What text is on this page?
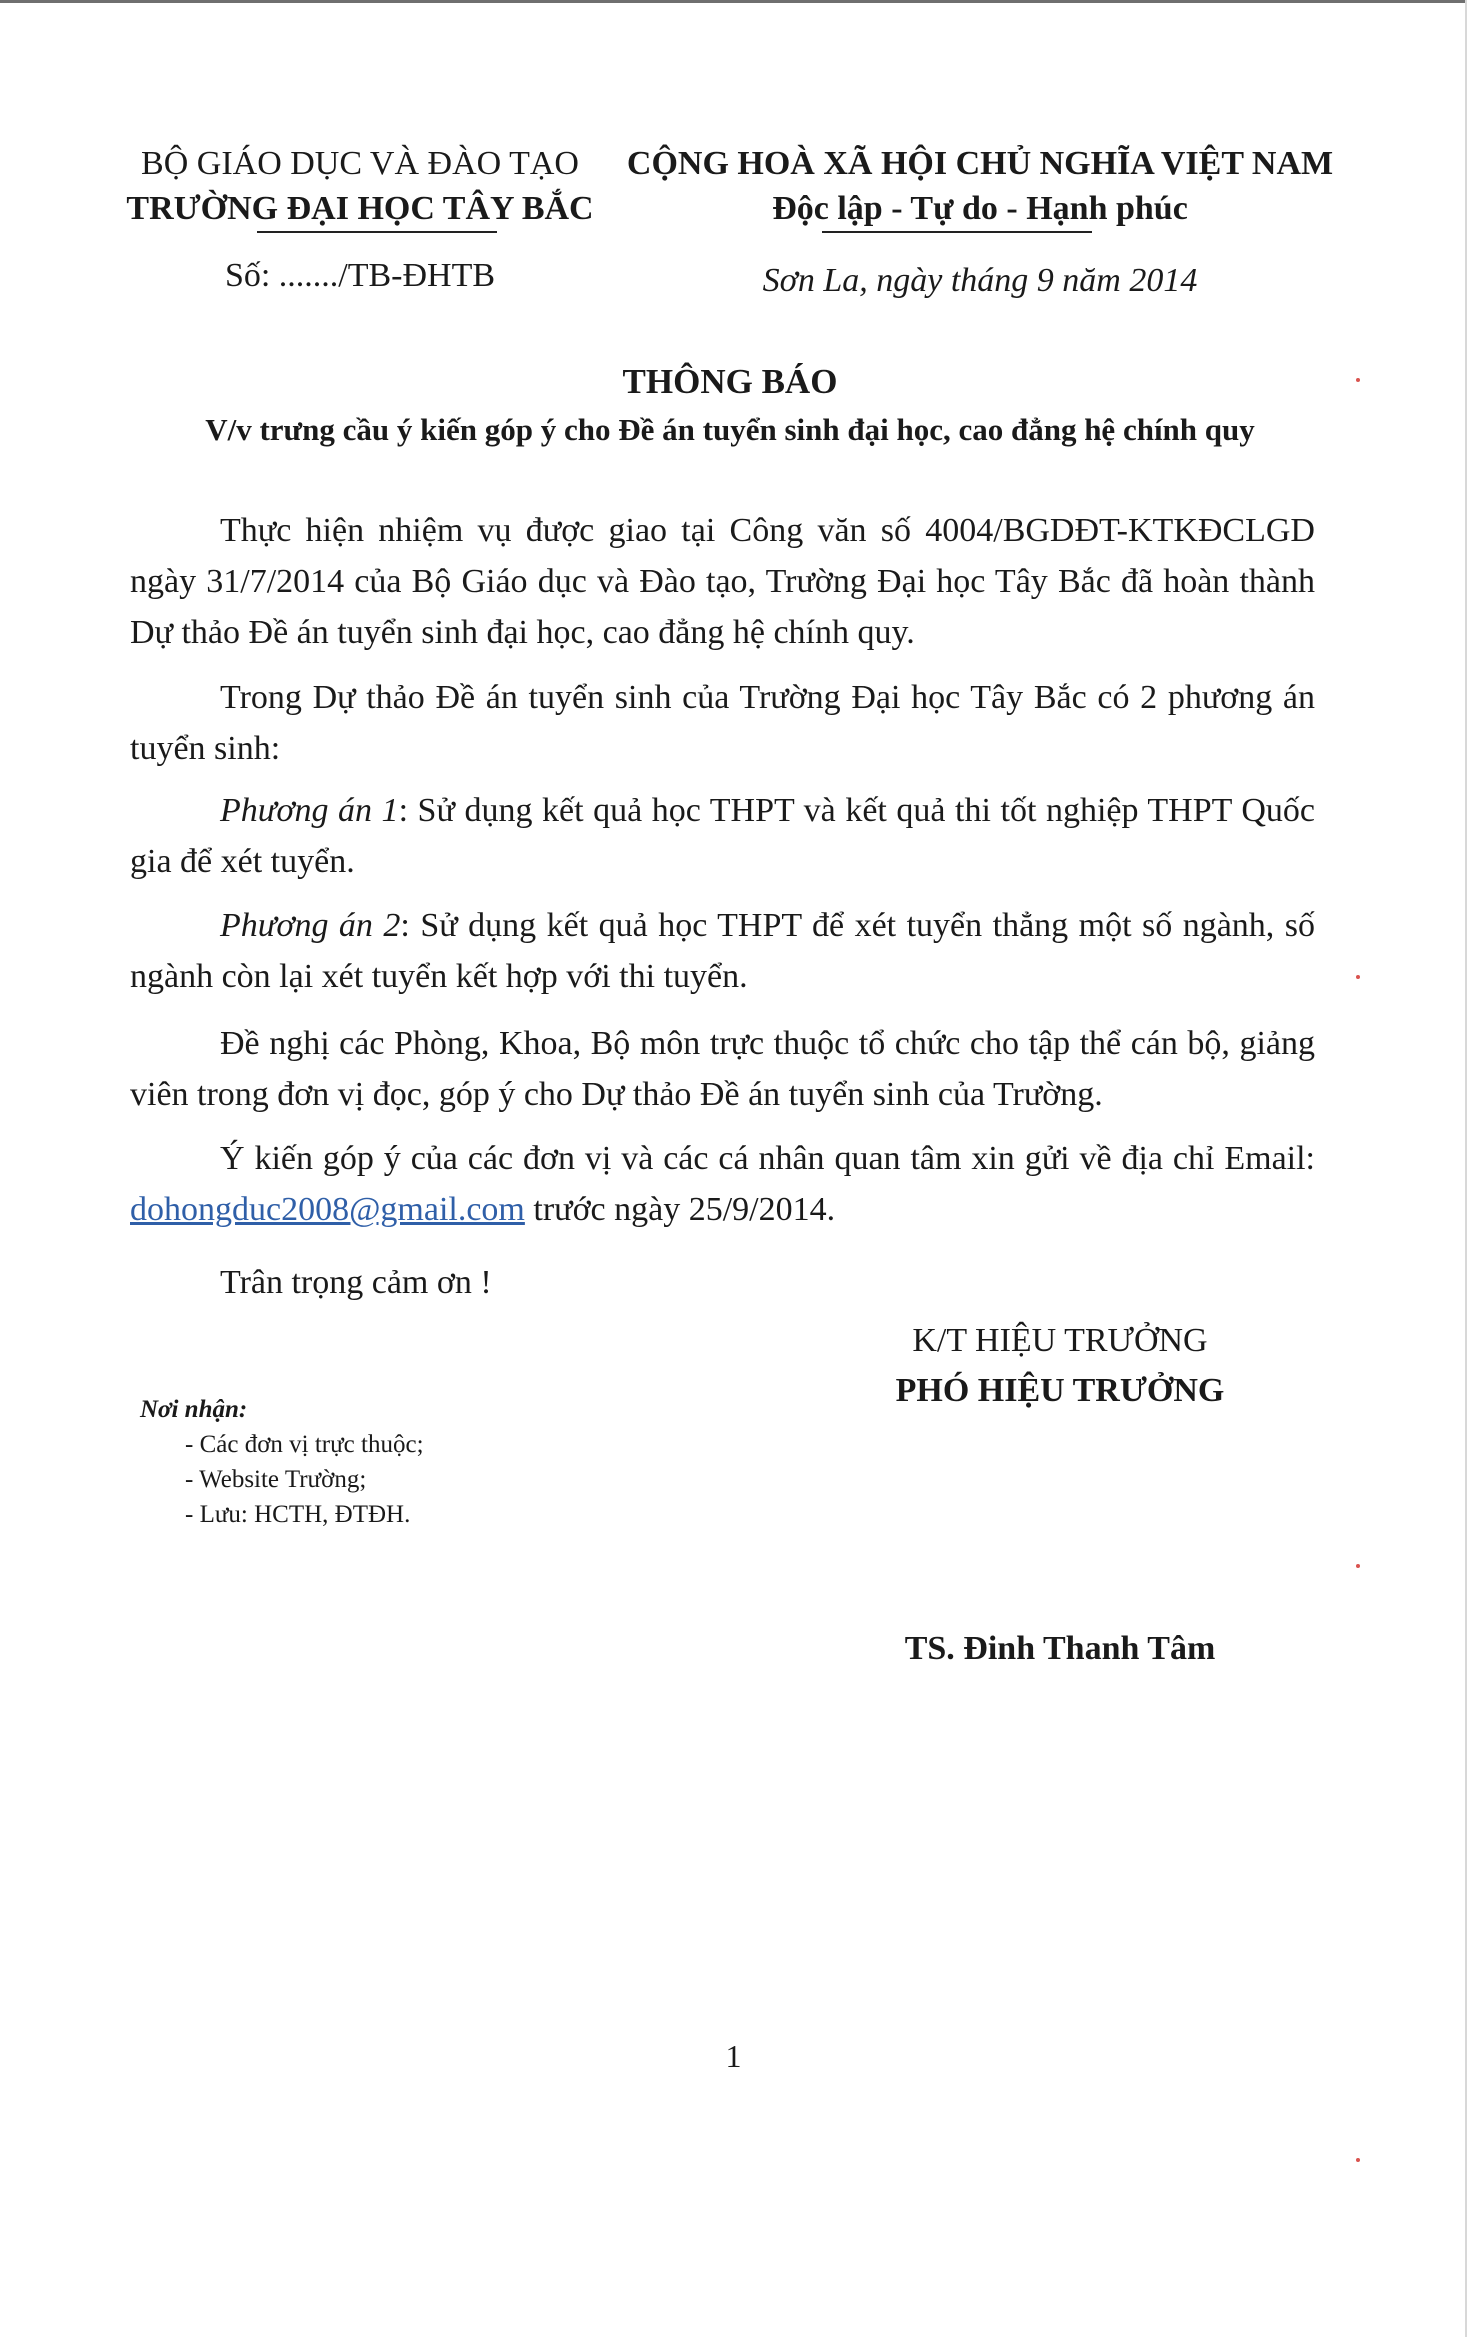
BỘ GIÁO DỤC VÀ ĐÀO TẠO
TRƯỜNG ĐẠI HỌC TÂY BẮC
Số: ......./TB-ĐHTB
CỘNG HOÀ XÃ HỘI CHỦ NGHĨA VIỆT NAM
Độc lập - Tự do - Hạnh phúc
Sơn La, ngày tháng 9 năm 2014
THÔNG BÁO
V/v trưng cầu ý kiến góp ý cho Đề án tuyển sinh đại học, cao đẳng hệ chính quy

Thực hiện nhiệm vụ được giao tại Công văn số 4004/BGDĐT-KTKĐCLGD ngày 31/7/2014 của Bộ Giáo dục và Đào tạo, Trường Đại học Tây Bắc đã hoàn thành Dự thảo Đề án tuyển sinh đại học, cao đẳng hệ chính quy.

Trong Dự thảo Đề án tuyển sinh của Trường Đại học Tây Bắc có 2 phương án tuyển sinh:

Phương án 1: Sử dụng kết quả học THPT và kết quả thi tốt nghiệp THPT Quốc gia để xét tuyển.

Phương án 2: Sử dụng kết quả học THPT để xét tuyển thẳng một số ngành, số ngành còn lại xét tuyển kết hợp với thi tuyển.

Đề nghị các Phòng, Khoa, Bộ môn trực thuộc tổ chức cho tập thể cán bộ, giảng viên trong đơn vị đọc, góp ý cho Dự thảo Đề án tuyển sinh của Trường.

Ý kiến góp ý của các đơn vị và các cá nhân quan tâm xin gửi về địa chỉ Email: dohongduc2008@gmail.com trước ngày 25/9/2014.

Trân trọng cảm ơn !

K/T HIỆU TRƯỞNG
PHÓ HIỆU TRƯỞNG
TS. Đinh Thanh Tâm
Nơi nhận:
- Các đơn vị trực thuộc;
- Website Trường;
- Lưu: HCTH, ĐTĐH.
1
